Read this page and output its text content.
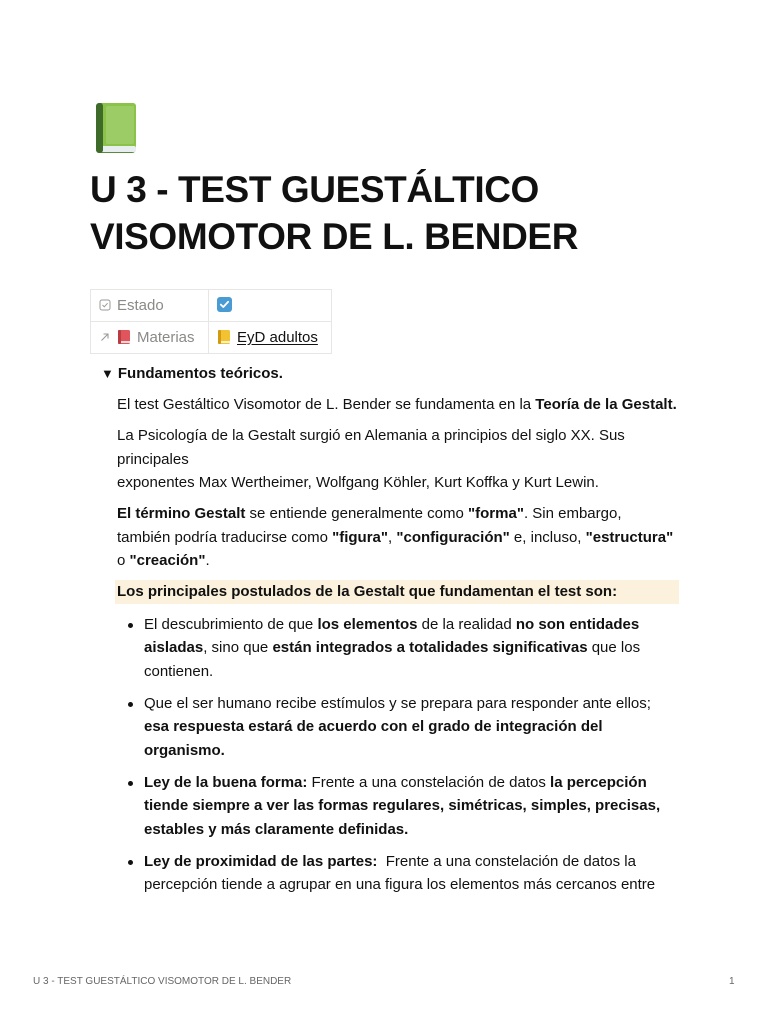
U 3 - TEST GUESTÁLTICO
VISOMOTOR DE L. BENDER
Estado	

Materias	EyD adultos
▼ Fundamentos teóricos.

El test Gestáltico Visomotor de L. Bender se fundamenta en la Teoría de la Gestalt.

La Psicología de la Gestalt surgió en Alemania a principios del siglo XX. Sus principales
exponentes Max Wertheimer, Wolfgang Köhler, Kurt Koffka y Kurt Lewin.

El término Gestalt se entiende generalmente como "forma". Sin embargo, también podría traducirse como "figura", "configuración" e, incluso, "estructura" o "creación".

Los principales postulados de la Gestalt que fundamentan el test son:
El descubrimiento de que los elementos de la realidad no son entidades aisladas, sino que están integrados a totalidades significativas que los contienen.
Que el ser humano recibe estímulos y se prepara para responder ante ellos; esa respuesta estará de acuerdo con el grado de integración del organismo.
Ley de la buena forma: Frente a una constelación de datos la percepción tiende siempre a ver las formas regulares, simétricas, simples, precisas, estables y más claramente definidas.
Ley de proximidad de las partes:  Frente a una constelación de datos la percepción tiende a agrupar en una figura los elementos más cercanos entre
U 3 - TEST GUESTÁLTICO VISOMOTOR DE L. BENDER	1
